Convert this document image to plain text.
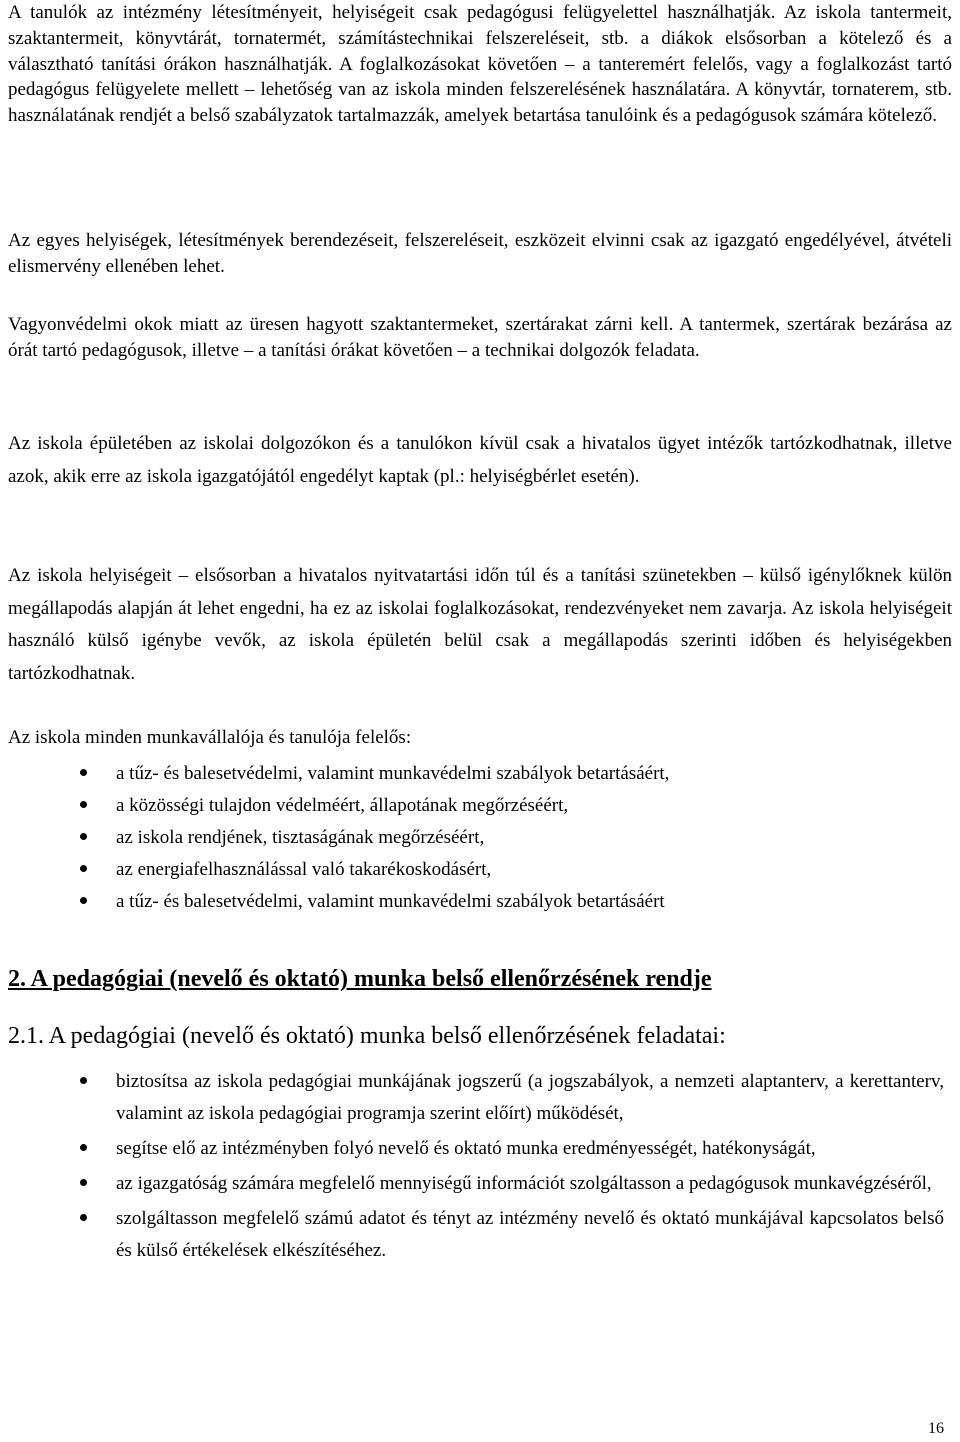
A tanulók az intézmény létesítményeit, helyiségeit csak pedagógusi felügyelettel használhatják. Az iskola tantermeit, szaktantermeit, könyvtárát, tornatermét, számítástechnikai felszereléseit, stb. a diákok elsősorban a kötelező és a választható tanítási órákon használhatják. A foglalkozásokat követően – a tanteremért felelős, vagy a foglalkozást tartó pedagógus felügyelete mellett – lehetőség van az iskola minden felszerelésének használatára. A könyvtár, tornaterem, stb. használatának rendjét a belső szabályzatok tartalmazzák, amelyek betartása tanulóink és a pedagógusok számára kötelező.

Az egyes helyiségek, létesítmények berendezéseit, felszereléseit, eszközeit elvinni csak az igazgató engedélyével, átvételi elismervény ellenében lehet.

Vagyonvédelmi okok miatt az üresen hagyott szaktantermeket, szertárakat zárni kell. A tantermek, szertárak bezárása az órát tartó pedagógusok, illetve – a tanítási órákat követően – a technikai dolgozók feladata.

Az iskola épületében az iskolai dolgozókon és a tanulókon kívül csak a hivatalos ügyet intézők tartózkodhatnak, illetve azok, akik erre az iskola igazgatójától engedélyt kaptak (pl.: helyiségbérlet esetén).

Az iskola helyiségeit – elsősorban a hivatalos nyitvatartási időn túl és a tanítási szünetekben – külső igénylőknek külön megállapodás alapján át lehet engedni, ha ez az iskolai foglalkozásokat, rendezvényeket nem zavarja. Az iskola helyiségeit használó külső igénybe vevők, az iskola épületén belül csak a megállapodás szerinti időben és helyiségekben tartózkodhatnak.

Az iskola minden munkavállalója és tanulója felelős:

a tűz- és balesetvédelmi, valamint munkavédelmi szabályok betartásáért,
a közösségi tulajdon védelméért, állapotának megőrzéséért,
az iskola rendjének, tisztaságának megőrzéséért,
az energiafelhasználással való takarékoskodásért,
a tűz- és balesetvédelmi, valamint munkavédelmi szabályok betartásáért
2. A pedagógiai (nevelő és oktató) munka belső ellenőrzésének rendje
2.1. A pedagógiai (nevelő és oktató) munka belső ellenőrzésének feladatai:
biztosítsa az iskola pedagógiai munkájának jogszerű (a jogszabályok, a nemzeti alaptanterv, a kerettanterv, valamint az iskola pedagógiai programja szerint előírt) működését,
segítse elő az intézményben folyó nevelő és oktató munka eredményességét, hatékonyságát,
az igazgatóság számára megfelelő mennyiségű információt szolgáltasson a pedagógusok munkavégzéséről,
szolgáltasson megfelelő számú adatot és tényt az intézmény nevelő és oktató munkájával kapcsolatos belső és külső értékelések elkészítéséhez.
16
